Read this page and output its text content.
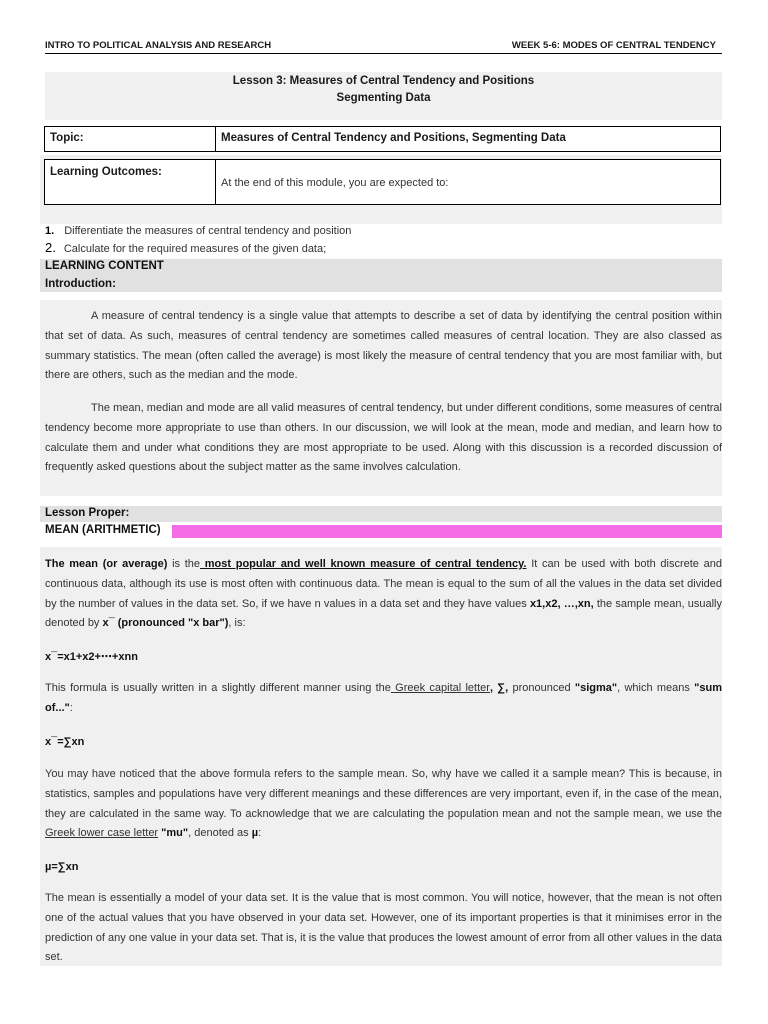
INTRO TO POLITICAL ANALYSIS AND RESEARCH	WEEK 5-6: MODES OF CENTRAL TENDENCY
Lesson 3: Measures of Central Tendency and Positions
Segmenting Data
Topic:	Measures of Central Tendency and Positions, Segmenting Data
Learning Outcomes:
At the end of this module, you are expected to:
1. Differentiate the measures of central tendency and position
2. Calculate for the required measures of the given data;
LEARNING CONTENT
Introduction:
A measure of central tendency is a single value that attempts to describe a set of data by identifying the central position within that set of data. As such, measures of central tendency are sometimes called measures of central location. They are also classed as summary statistics. The mean (often called the average) is most likely the measure of central tendency that you are most familiar with, but there are others, such as the median and the mode.
The mean, median and mode are all valid measures of central tendency, but under different conditions, some measures of central tendency become more appropriate to use than others. In our discussion, we will look at the mean, mode and median, and learn how to calculate them and under what conditions they are most appropriate to be used. Along with this discussion is a recorded discussion of frequently asked questions about the subject matter as the same involves calculation.
Lesson Proper:
MEAN (ARITHMETIC)
The mean (or average) is the most popular and well known measure of central tendency. It can be used with both discrete and continuous data, although its use is most often with continuous data. The mean is equal to the sum of all the values in the data set divided by the number of values in the data set. So, if we have n values in a data set and they have values x1,x2, …,xn, the sample mean, usually denoted by x¯ (pronounced "x bar"), is:
x¯=x1+x2+⋯+xnn
This formula is usually written in a slightly different manner using the Greek capital letter, ∑, pronounced "sigma", which means "sum of...":
x¯=∑xn
You may have noticed that the above formula refers to the sample mean. So, why have we called it a sample mean? This is because, in statistics, samples and populations have very different meanings and these differences are very important, even if, in the case of the mean, they are calculated in the same way. To acknowledge that we are calculating the population mean and not the sample mean, we use the Greek lower case letter "mu", denoted as µ:
µ=∑xn
The mean is essentially a model of your data set. It is the value that is most common. You will notice, however, that the mean is not often one of the actual values that you have observed in your data set. However, one of its important properties is that it minimises error in the prediction of any one value in your data set. That is, it is the value that produces the lowest amount of error from all other values in the data set.
